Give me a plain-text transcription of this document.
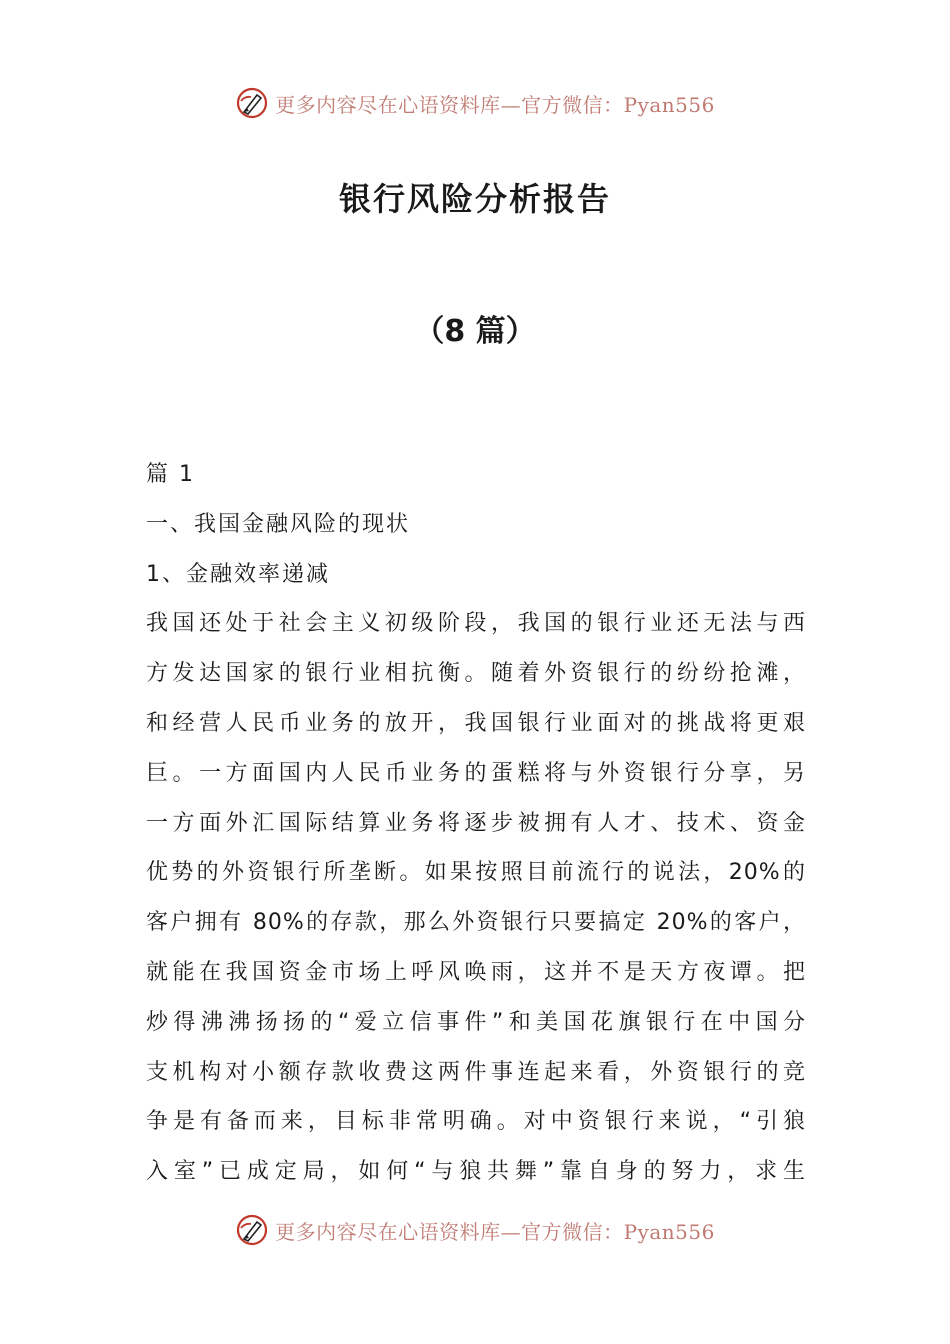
更多内容尽在心语资料库—官方微信：Pyan556
银行风险分析报告
（8 篇）
篇 1
一、我国金融风险的现状
1、金融效率递减
我国还处于社会主义初级阶段，我国的银行业还无法与西
方发达国家的银行业相抗衡。随着外资银行的纷纷抢滩，
和经营人民币业务的放开，我国银行业面对的挑战将更艰
巨。一方面国内人民币业务的蛋糕将与外资银行分享，另
一方面外汇国际结算业务将逐步被拥有人才、技术、资金
优势的外资银行所垄断。如果按照目前流行的说法，20%的
客户拥有 80%的存款，那么外资银行只要搞定 20%的客户，
就能在我国资金市场上呼风唤雨，这并不是天方夜谭。把
炒得沸沸扬扬的“爱立信事件”和美国花旗银行在中国分
支机构对小额存款收费这两件事连起来看，外资银行的竞
争是有备而来，目标非常明确。对中资银行来说，“引狼
入室”已成定局，如何“与狼共舞”靠自身的努力，求生
更多内容尽在心语资料库—官方微信：Pyan556
